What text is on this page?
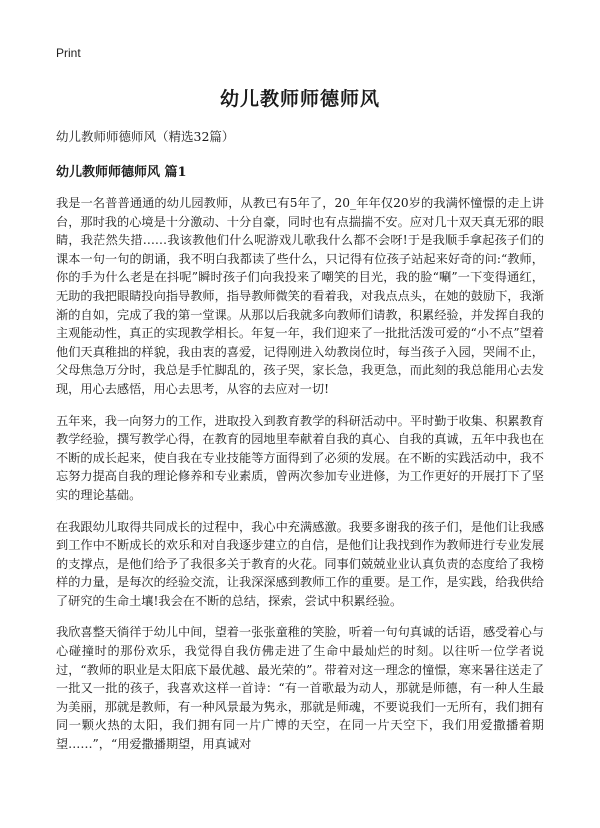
Print
幼儿教师师德师风
幼儿教师师德师风（精选32篇）
幼儿教师师德师风 篇1

我是一名普普通通的幼儿园教师，从教已有5年了，20_年年仅20岁的我满怀憧憬的走上讲台，那时我的心境是十分激动、十分自豪，同时也有点揣揣不安。应对几十双天真无邪的眼睛，我茫然失措……我该教他们什么呢游戏儿歌我什么都不会呀!于是我顺手拿起孩子们的课本一句一句的朗诵，我不明白我都读了些什么，只记得有位孩子站起来好奇的问:“教师，你的手为什么老是在抖呢”瞬时孩子们向我投来了嘲笑的目光，我的脸“唰”一下变得通红，无助的我把眼睛投向指导教师，指导教师微笑的看着我，对我点点头，在她的鼓励下，我渐渐的自如，完成了我的第一堂课。从那以后我就多向教师们请教，积累经验，并发挥自我的主观能动性，真正的实现教学相长。年复一年，我们迎来了一批批活泼可爱的“小不点”望着他们天真稚拙的样貌，我由衷的喜爱，记得刚进入幼教岗位时，每当孩子入园，哭闹不止，父母焦急万分时，我总是手忙脚乱的，孩子哭，家长急，我更急，而此刻的我总能用心去发现，用心去感悟，用心去思考，从容的去应对一切!

五年来，我一向努力的工作，进取投入到教育教学的科研活动中。平时勤于收集、积累教育教学经验，撰写教学心得，在教育的园地里奉献着自我的真心、自我的真诚，五年中我也在不断的成长起来，使自我在专业技能等方面得到了必须的发展。在不断的实践活动中，我不忘努力提高自我的理论修养和专业素质，曾两次参加专业进修，为工作更好的开展打下了坚实的理论基础。

在我跟幼儿取得共同成长的过程中，我心中充满感激。我要多谢我的孩子们，是他们让我感到工作中不断成长的欢乐和对自我逐步建立的自信，是他们让我找到作为教师进行专业发展的支撑点，是他们给予了我很多关于教育的火花。同事们兢兢业业认真负责的态度给了我榜样的力量，是每次的经验交流，让我深深感到教师工作的重要。是工作，是实践，给我供给了研究的生命土壤!我会在不断的总结，探索，尝试中积累经验。

我欣喜整天徜徉于幼儿中间，望着一张张童稚的笑脸，听着一句句真诚的话语，感受着心与心碰撞时的那份欢乐，我觉得自我仿佛走进了生命中最灿烂的时刻。以往听一位学者说过，“教师的职业是太阳底下最优越、最光荣的”。带着对这一理念的憧憬，寒来暑往送走了一批又一批的孩子，我喜欢这样一首诗：“有一首歌最为动人，那就是师德，有一种人生最为美丽，那就是教师，有一种风景最为隽永，那就是师魂，不要说我们一无所有，我们拥有同一颗火热的太阳，我们拥有同一片广博的天空，在同一片天空下，我们用爱撒播着期望……”，“用爱撒播期望，用真诚对
